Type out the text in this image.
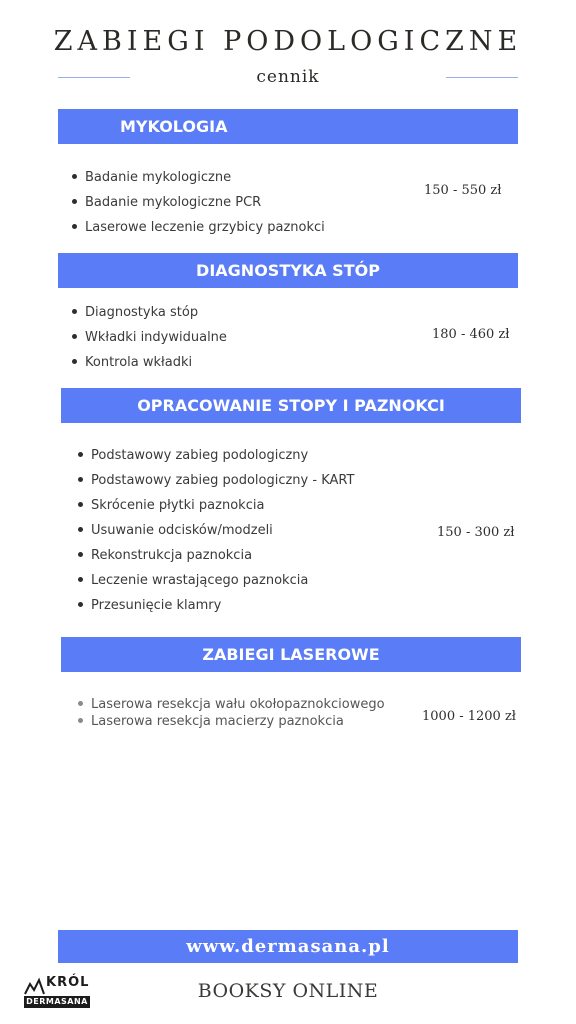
ZABIEGI PODOLOGICZNE
cennik
MYKOLOGIA
Badanie mykologiczne
Badanie mykologiczne PCR
Laserowe leczenie grzybicy paznokci
150 - 550 zł
DIAGNOSTYKA STÓP
Diagnostyka stóp
Wkładki indywidualne
Kontrola wkładki
180 - 460 zł
OPRACOWANIE STOPY I PAZNOKCI
Podstawowy zabieg podologiczny
Podstawowy zabieg podologiczny - KART
Skrócenie płytki paznokcia
Usuwanie odcisków/modzeli
Rekonstrukcja paznokcia
Leczenie wrastającego paznokcia
Przesunięcie klamry
150 - 300 zł
ZABIEGI LASEROWE
Laserowa resekcja wału okołopaznokciowego
Laserowa resekcja macierzy paznokcia	1000 - 1200 zł
www.dermasana.pl
KRÓL
DERMASANA	BOOKSY ONLINE
